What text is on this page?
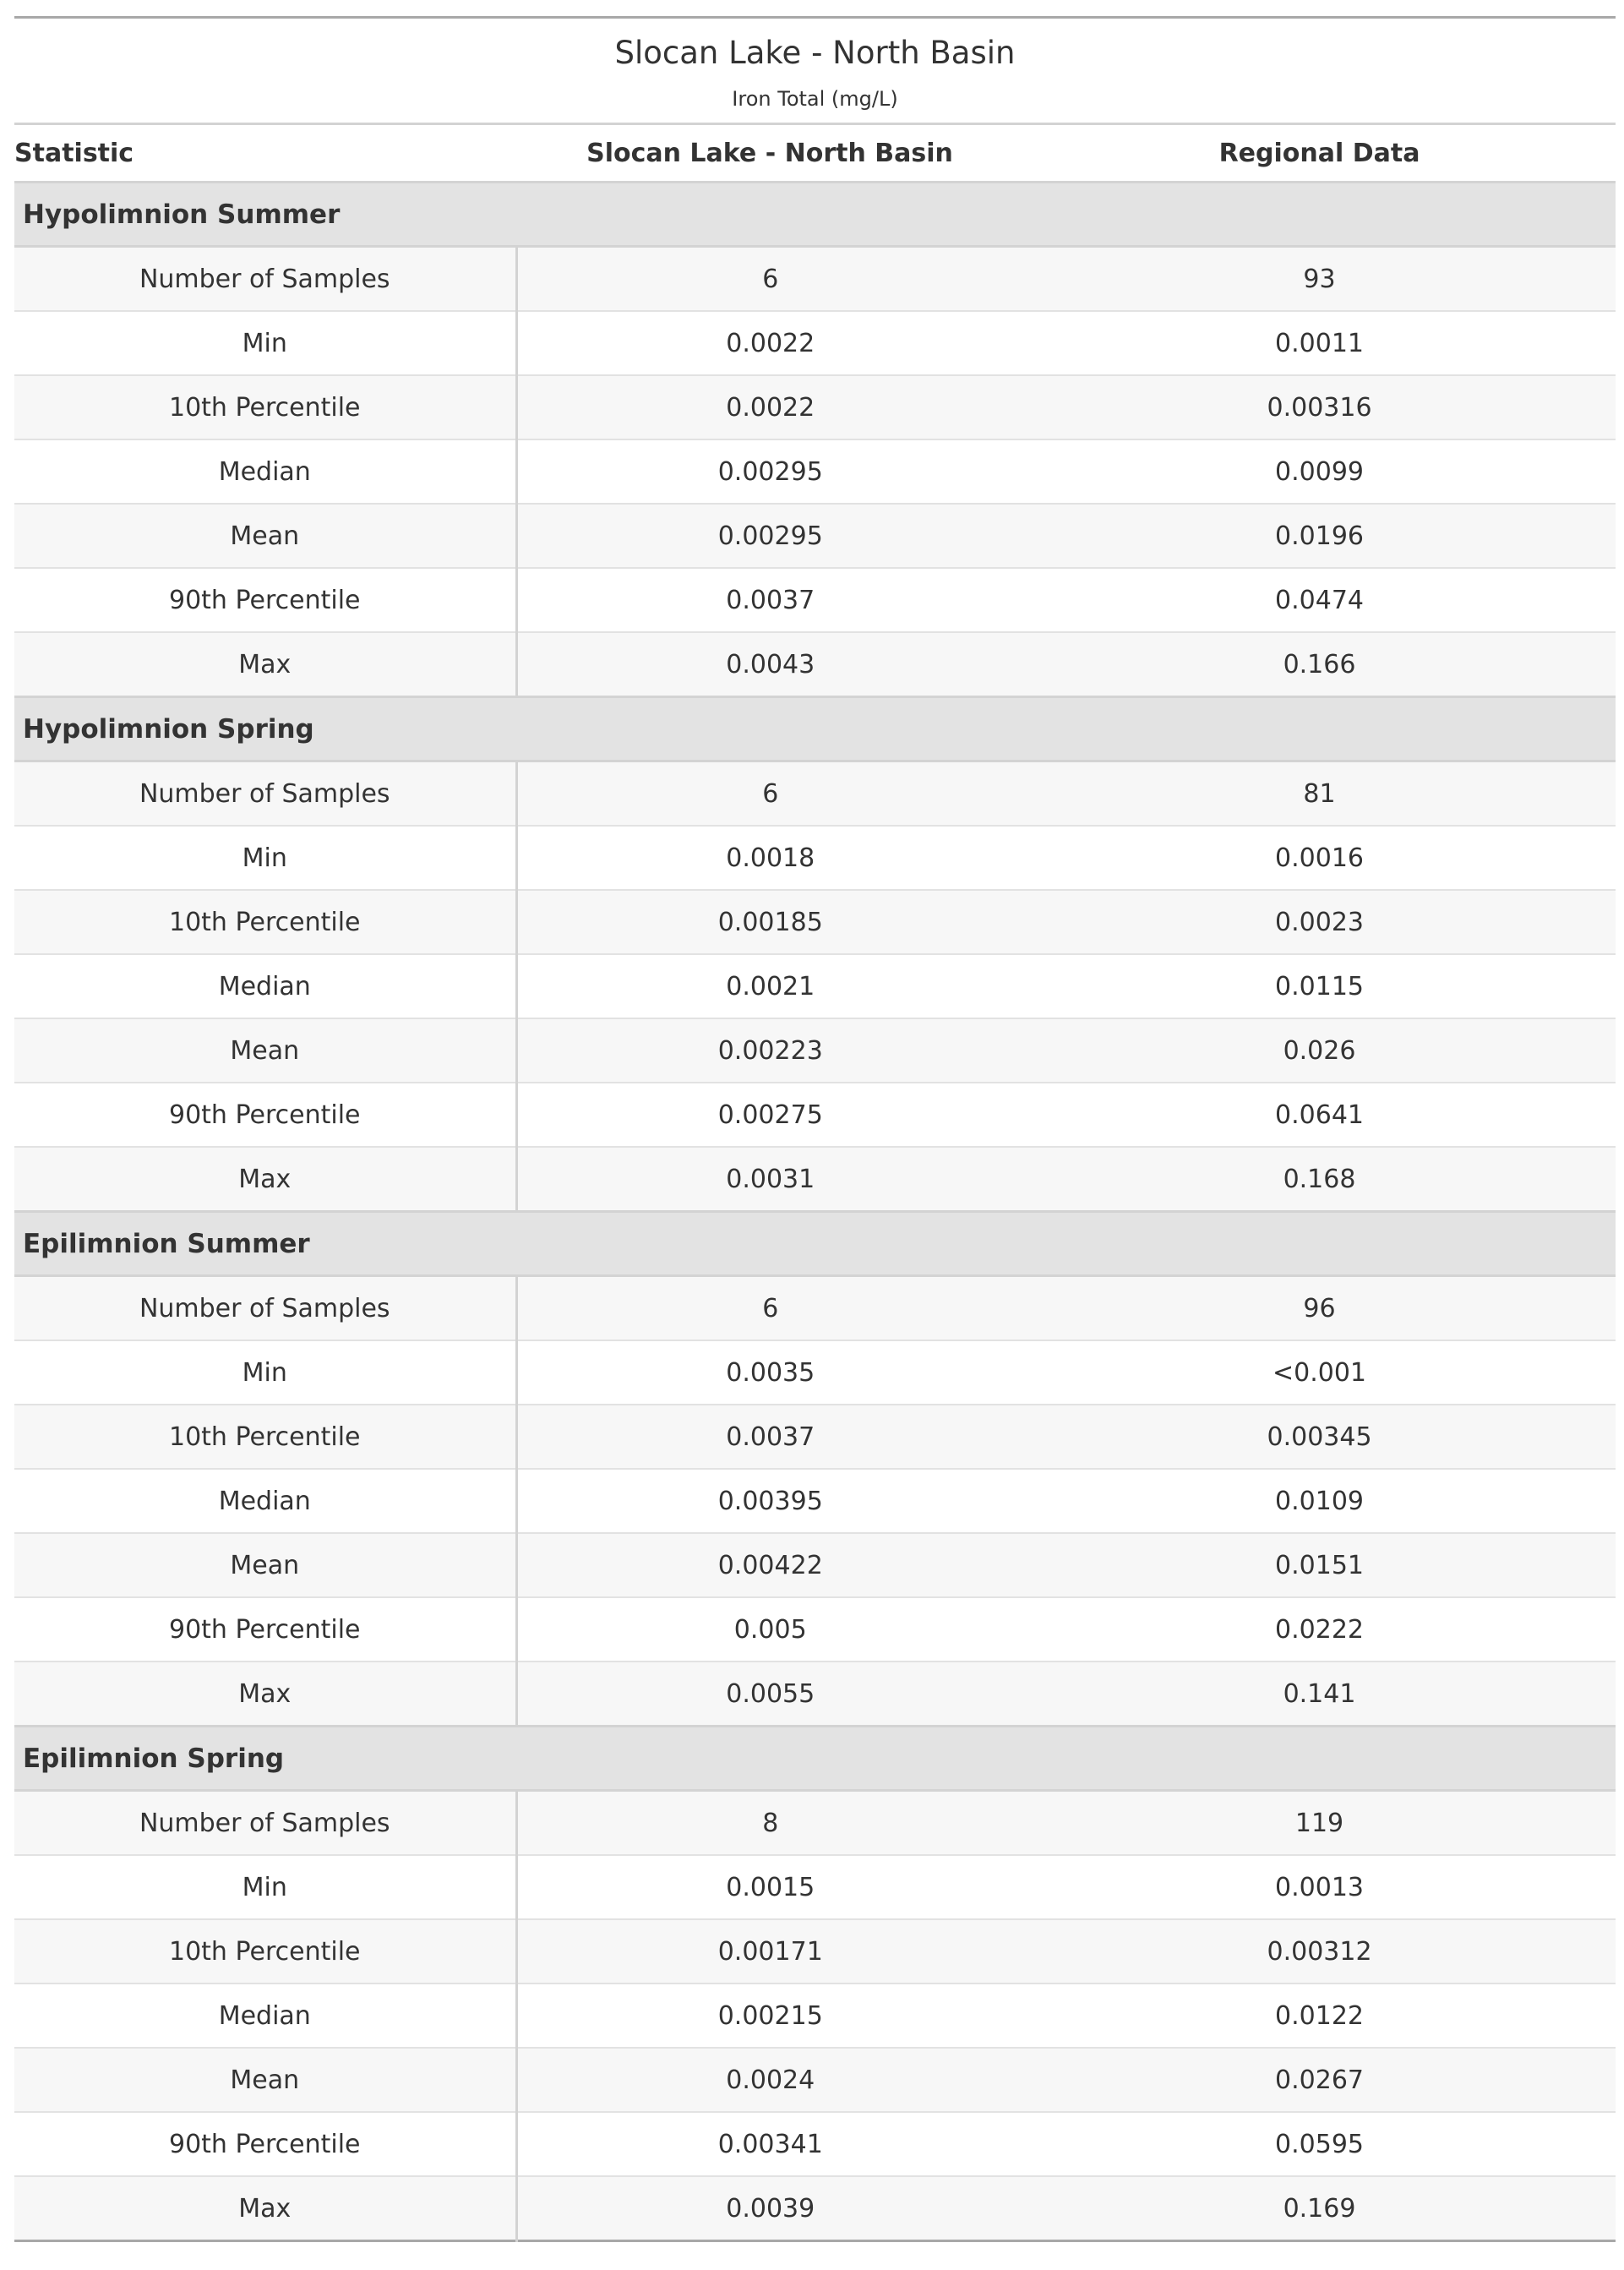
Slocan Lake - North Basin
Iron Total (mg/L)		

Statistic	Slocan Lake - North Basin	Regional Data
Hypolimnion Summer		
Number of Samples	6	93
Min	0.0022	0.0011
10th Percentile	0.0022	0.00316
Median	0.00295	0.0099
Mean	0.00295	0.0196
90th Percentile	0.0037	0.0474
Max	0.0043	0.166
Hypolimnion Spring		
Number of Samples	6	81
Min	0.0018	0.0016
10th Percentile	0.00185	0.0023
Median	0.0021	0.0115
Mean	0.00223	0.026
90th Percentile	0.00275	0.0641
Max	0.0031	0.168
Epilimnion Summer		
Number of Samples	6	96
Min	0.0035	<0.001
10th Percentile	0.0037	0.00345
Median	0.00395	0.0109
Mean	0.00422	0.0151
90th Percentile	0.005	0.0222
Max	0.0055	0.141
Epilimnion Spring		
Number of Samples	8	119
Min	0.0015	0.0013
10th Percentile	0.00171	0.00312
Median	0.00215	0.0122
Mean	0.0024	0.0267
90th Percentile	0.00341	0.0595
Max	0.0039	0.169
